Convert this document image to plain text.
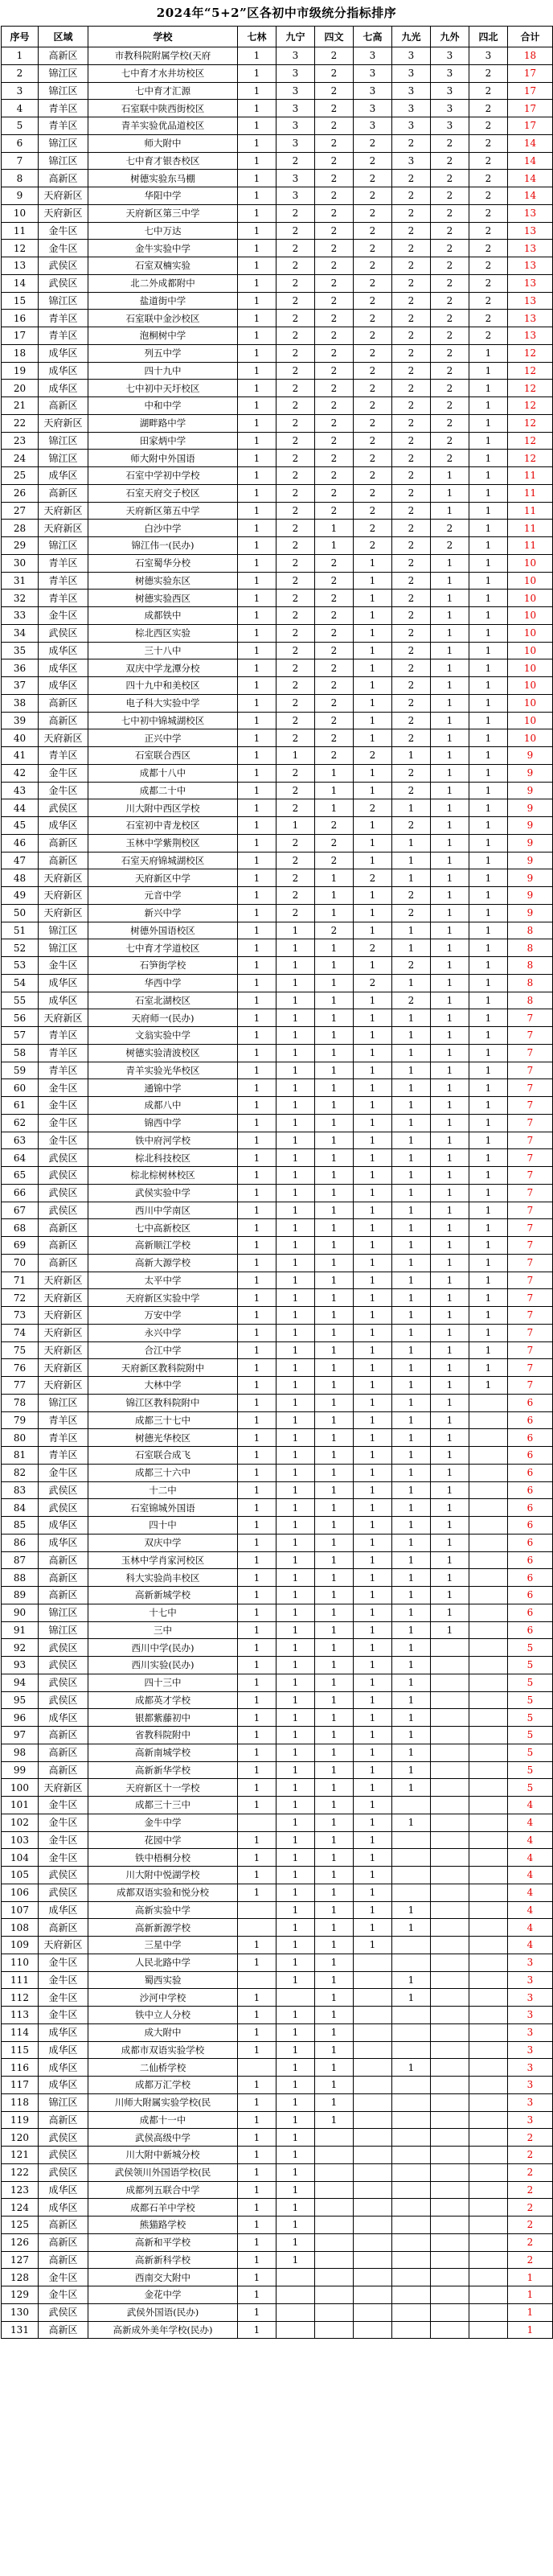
2024年“5+2”区各初中市级统分指标排序
序号	区域	学校	七林	九宁	四文	七高	九光	九外	四北	合计
1	高新区	市教科院附属学校(天府	1	3	2	3	3	3	3	18
2	锦江区	七中育才水井坊校区	1	3	2	3	3	3	2	17
3	锦江区	七中育才汇源	1	3	2	3	3	3	2	17
4	青羊区	石室联中陕西街校区	1	3	2	3	3	3	2	17
5	青羊区	青羊实验优品道校区	1	3	2	3	3	3	2	17
6	锦江区	师大附中	1	3	2	2	2	2	2	14
7	锦江区	七中育才银杏校区	1	2	2	2	3	2	2	14
8	高新区	树德实验东马棚	1	3	2	2	2	2	2	14
9	天府新区	华阳中学	1	3	2	2	2	2	2	14
10	天府新区	天府新区第三中学	1	2	2	2	2	2	2	13
11	金牛区	七中万达	1	2	2	2	2	2	2	13
12	金牛区	金牛实验中学	1	2	2	2	2	2	2	13
13	武侯区	石室双楠实验	1	2	2	2	2	2	2	13
14	武侯区	北二外成都附中	1	2	2	2	2	2	2	13
15	锦江区	盐道街中学	1	2	2	2	2	2	2	13
16	青羊区	石室联中金沙校区	1	2	2	2	2	2	2	13
17	青羊区	泡桐树中学	1	2	2	2	2	2	2	13
18	成华区	列五中学	1	2	2	2	2	2	1	12
19	成华区	四十九中	1	2	2	2	2	2	1	12
20	成华区	七中初中天圩校区	1	2	2	2	2	2	1	12
21	高新区	中和中学	1	2	2	2	2	2	1	12
22	天府新区	湖畔路中学	1	2	2	2	2	2	1	12
23	锦江区	田家炳中学	1	2	2	2	2	2	1	12
24	锦江区	师大附中外国语	1	2	2	2	2	2	1	12
25	成华区	石室中学初中学校	1	2	2	2	2	1	1	11
26	高新区	石室天府交子校区	1	2	2	2	2	1	1	11
27	天府新区	天府新区第五中学	1	2	2	2	2	1	1	11
28	天府新区	白沙中学	1	2	1	2	2	2	1	11
29	锦江区	锦江伟一(民办)	1	2	1	2	2	2	1	11
30	青羊区	石室蜀华分校	1	2	2	1	2	1	1	10
31	青羊区	树德实验东区	1	2	2	1	2	1	1	10
32	青羊区	树德实验西区	1	2	2	1	2	1	1	10
33	金牛区	成都铁中	1	2	2	1	2	1	1	10
34	武侯区	棕北西区实验	1	2	2	1	2	1	1	10
35	成华区	三十八中	1	2	2	1	2	1	1	10
36	成华区	双庆中学龙潭分校	1	2	2	1	2	1	1	10
37	成华区	四十九中和美校区	1	2	2	1	2	1	1	10
38	高新区	电子科大实验中学	1	2	2	1	2	1	1	10
39	高新区	七中初中锦城湖校区	1	2	2	1	2	1	1	10
40	天府新区	正兴中学	1	2	2	1	2	1	1	10
41	青羊区	石室联合西区	1	1	2	2	1	1	1	9
42	金牛区	成都十八中	1	2	1	1	2	1	1	9
43	金牛区	成都二十中	1	2	1	1	2	1	1	9
44	武侯区	川大附中西区学校	1	2	1	2	1	1	1	9
45	成华区	石室初中青龙校区	1	1	2	1	2	1	1	9
46	高新区	玉林中学紫荆校区	1	2	2	1	1	1	1	9
47	高新区	石室天府锦城湖校区	1	2	2	1	1	1	1	9
48	天府新区	天府新区中学	1	2	1	2	1	1	1	9
49	天府新区	元音中学	1	2	1	1	2	1	1	9
50	天府新区	新兴中学	1	2	1	1	2	1	1	9
51	锦江区	树德外国语校区	1	1	2	1	1	1	1	8
52	锦江区	七中育才学道校区	1	1	1	2	1	1	1	8
53	金牛区	石笋街学校	1	1	1	1	2	1	1	8
54	成华区	华西中学	1	1	1	2	1	1	1	8
55	成华区	石室北湖校区	1	1	1	1	2	1	1	8
56	天府新区	天府师一(民办)	1	1	1	1	1	1	1	7
57	青羊区	文翁实验中学	1	1	1	1	1	1	1	7
58	青羊区	树德实验清波校区	1	1	1	1	1	1	1	7
59	青羊区	青羊实验光华校区	1	1	1	1	1	1	1	7
60	金牛区	通锦中学	1	1	1	1	1	1	1	7
61	金牛区	成都八中	1	1	1	1	1	1	1	7
62	金牛区	锦西中学	1	1	1	1	1	1	1	7
63	金牛区	铁中府河学校	1	1	1	1	1	1	1	7
64	武侯区	棕北科技校区	1	1	1	1	1	1	1	7
65	武侯区	棕北棕树林校区	1	1	1	1	1	1	1	7
66	武侯区	武侯实验中学	1	1	1	1	1	1	1	7
67	武侯区	西川中学南区	1	1	1	1	1	1	1	7
68	高新区	七中高新校区	1	1	1	1	1	1	1	7
69	高新区	高新顺江学校	1	1	1	1	1	1	1	7
70	高新区	高新大源学校	1	1	1	1	1	1	1	7
71	天府新区	太平中学	1	1	1	1	1	1	1	7
72	天府新区	天府新区实验中学	1	1	1	1	1	1	1	7
73	天府新区	万安中学	1	1	1	1	1	1	1	7
74	天府新区	永兴中学	1	1	1	1	1	1	1	7
75	天府新区	合江中学	1	1	1	1	1	1	1	7
76	天府新区	天府新区教科院附中	1	1	1	1	1	1	1	7
77	天府新区	大林中学	1	1	1	1	1	1	1	7
78	锦江区	锦江区教科院附中	1	1	1	1	1	1		6
79	青羊区	成都三十七中	1	1	1	1	1	1		6
80	青羊区	树德光华校区	1	1	1	1	1	1		6
81	青羊区	石室联合成飞	1	1	1	1	1	1		6
82	金牛区	成都三十六中	1	1	1	1	1	1		6
83	武侯区	十二中	1	1	1	1	1	1		6
84	武侯区	石室锦城外国语	1	1	1	1	1	1		6
85	成华区	四十中	1	1	1	1	1	1		6
86	成华区	双庆中学	1	1	1	1	1	1		6
87	高新区	玉林中学肖家河校区	1	1	1	1	1	1		6
88	高新区	科大实验尚丰校区	1	1	1	1	1	1		6
89	高新区	高新新城学校	1	1	1	1	1	1		6
90	锦江区	十七中	1	1	1	1	1	1		6
91	锦江区	三中	1	1	1	1	1	1		6
92	武侯区	西川中学(民办)	1	1	1	1	1			5
93	武侯区	西川实验(民办)	1	1	1	1	1			5
94	武侯区	四十三中	1	1	1	1	1			5
95	武侯区	成都英才学校	1	1	1	1	1			5
96	成华区	银都紫藤初中	1	1	1	1	1			5
97	高新区	省教科院附中	1	1	1	1	1			5
98	高新区	高新南城学校	1	1	1	1	1			5
99	高新区	高新新华学校	1	1	1	1	1			5
100	天府新区	天府新区十一学校	1	1	1	1	1			5
101	金牛区	成都三十三中	1	1	1	1				4
102	金牛区	金牛中学		1	1	1	1			4
103	金牛区	花园中学	1	1	1	1				4
104	金牛区	铁中梧桐分校	1	1	1	1				4
105	武侯区	川大附中悦湖学校	1	1	1	1				4
106	武侯区	成都双语实验和悦分校	1	1	1	1				4
107	成华区	高新实验中学		1	1	1	1			4
108	高新区	高新新源学校		1	1	1	1			4
109	天府新区	三星中学	1	1	1	1				4
110	金牛区	人民北路中学	1	1	1					3
111	金牛区	蜀西实验		1	1		1			3
112	金牛区	沙河中学校	1		1		1			3
113	金牛区	铁中立人分校	1	1	1					3
114	成华区	成大附中	1	1	1					3
115	成华区	成都市双语实验学校	1	1	1					3
116	成华区	二仙桥学校		1	1		1			3
117	成华区	成都万汇学校	1	1	1					3
118	锦江区	川师大附属实验学校(民	1	1	1					3
119	高新区	成都十一中	1	1	1					3
120	武侯区	武侯高级中学	1	1						2
121	武侯区	川大附中新城分校	1	1						2
122	武侯区	武侯领川外国语学校(民	1	1						2
123	成华区	成都列五联合中学	1	1						2
124	成华区	成都石羊中学校	1	1						2
125	高新区	熊猫路学校	1	1						2
126	高新区	高新和平学校	1	1						2
127	高新区	高新新科学校	1	1						2
128	金牛区	西南交大附中	1							1
129	金牛区	金花中学	1							1
130	武侯区	武侯外国语(民办)	1							1
131	高新区	高新成外美年学校(民办)	1							1
